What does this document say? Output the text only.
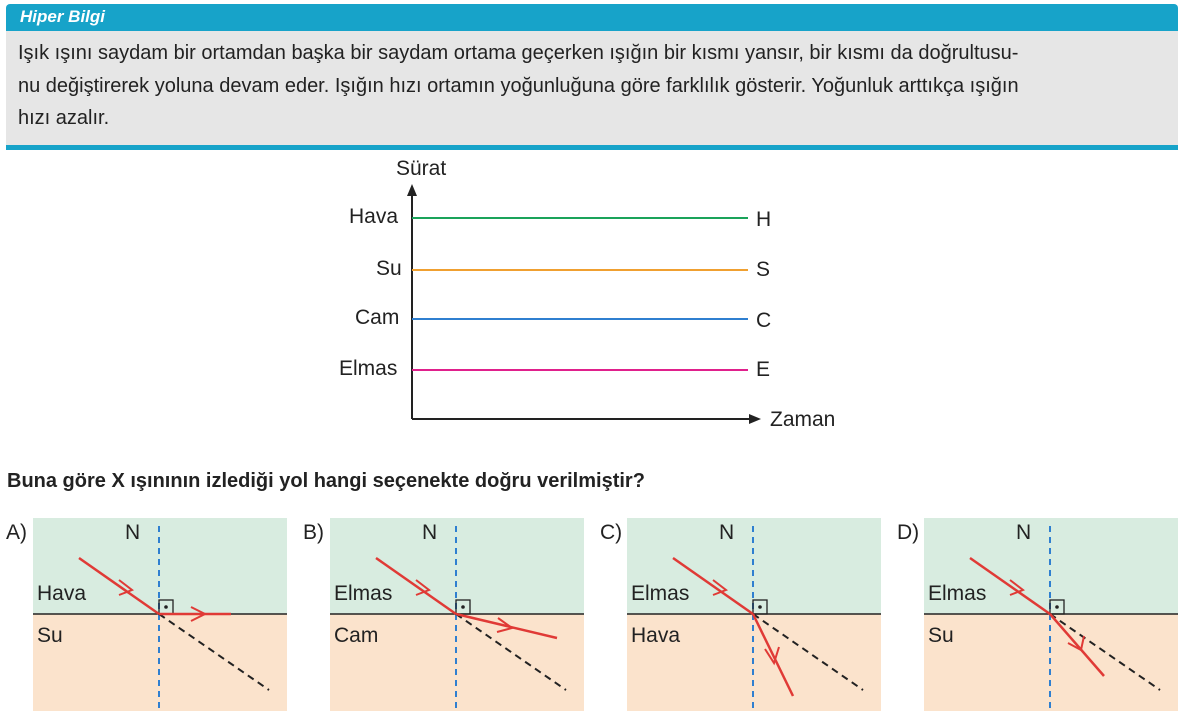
Hiper Bilgi
Işık ışını saydam bir ortamdan başka bir saydam ortama geçerken ışığın bir kısmı yansır, bir kısmı da doğrultusu-
nu değiştirerek yoluna devam eder. Işığın hızı ortamın yoğunluğuna göre farklılık gösterir. Yoğunluk arttıkça ışığın
hızı azalır.
Sürat
Zaman
Hava
Su
Cam
Elmas
H
S
C
E
Buna göre X ışınının izlediği yol hangi seçenekte doğru verilmiştir?
A)	N
Hava
Su
B)	N
Elmas
Cam
C)	N
Elmas
Hava
D)	N
Elmas
Su
